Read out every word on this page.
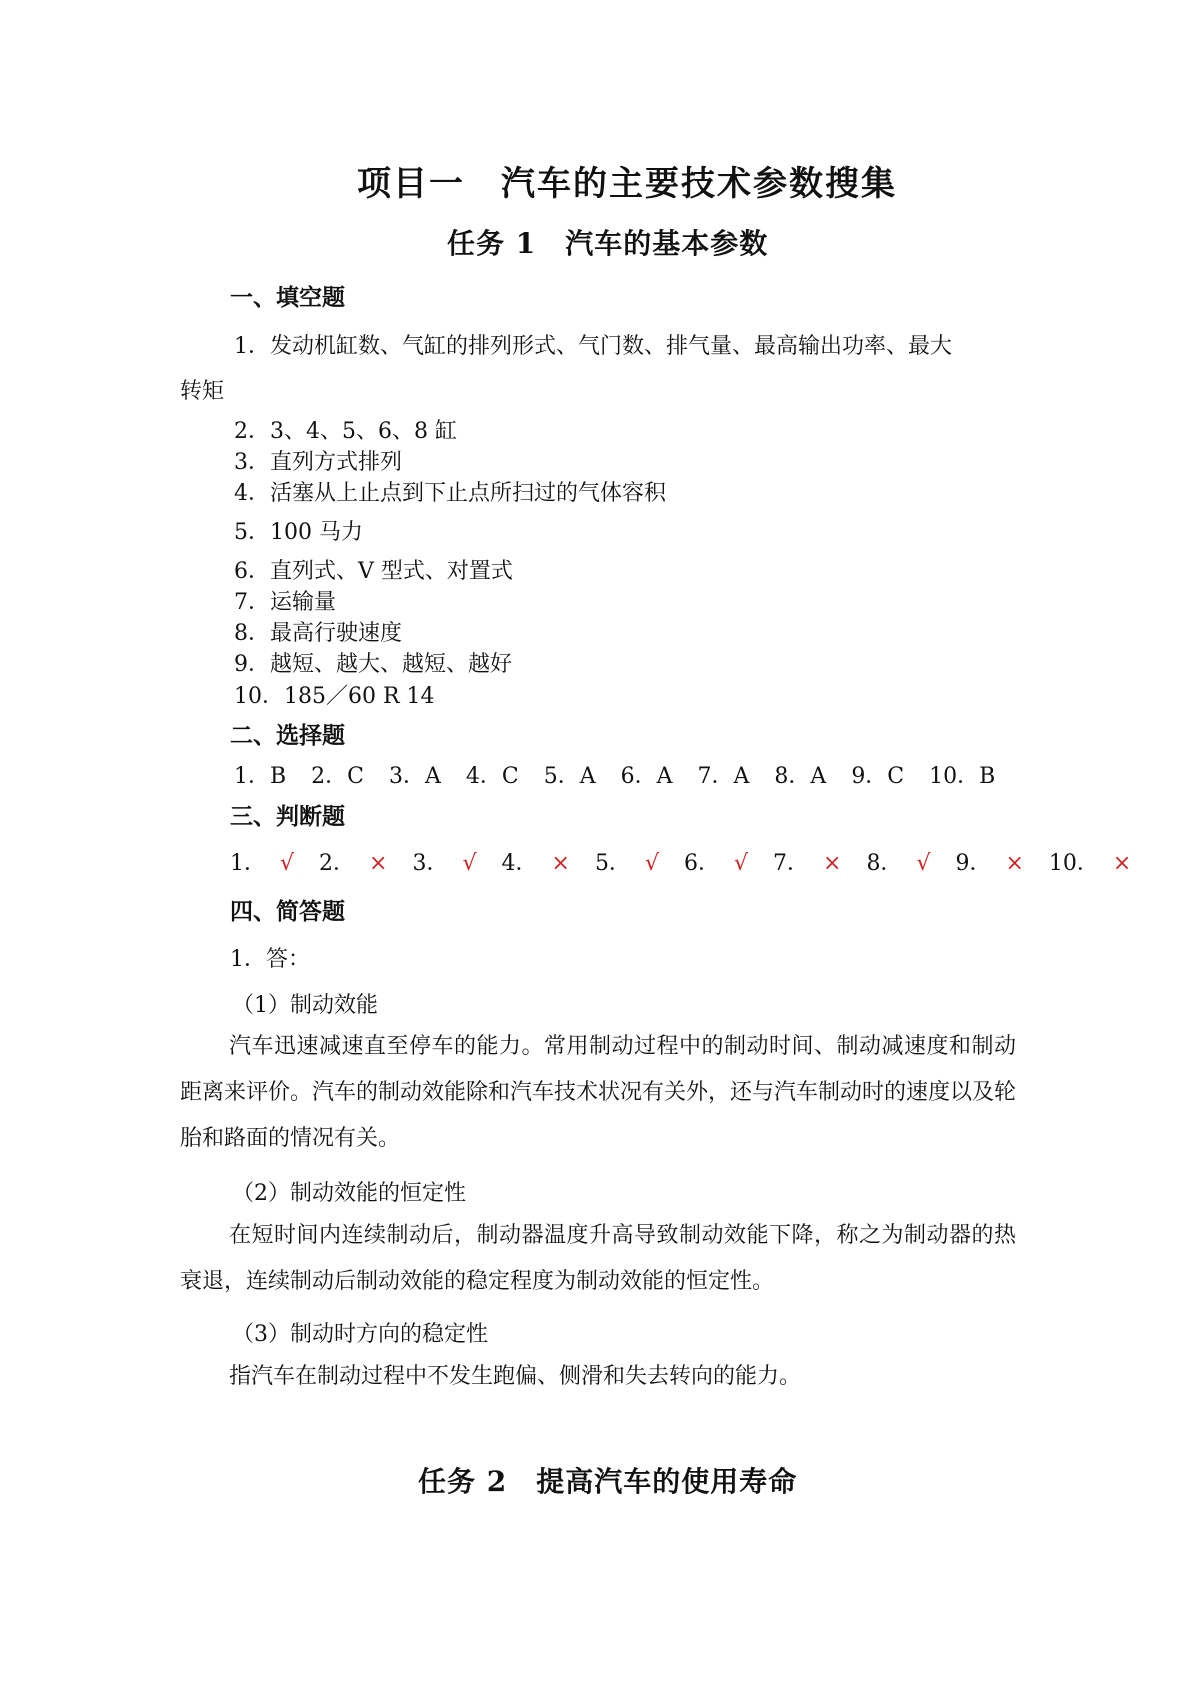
项目一　汽车的主要技术参数搜集
任务 1　汽车的基本参数
一、填空题
1．发动机缸数、气缸的排列形式、气门数、排气量、最高输出功率、最大
转矩
2．3、4、5、6、8 缸
3．直列方式排列
4．活塞从上止点到下止点所扫过的气体容积
5．100 马力
6．直列式、V 型式、对置式
7．运输量
8．最高行驶速度
9．越短、越大、越短、越好
10．185／60 R 14
二、选择题
1．B 2．C 3．A 4．C 5．A 6．A 7．A 8．A 9．C 10．B
三、判断题
1． √ 2． × 3． √ 4． × 5． √ 6． √ 7． × 8． √ 9． × 10． ×
四、简答题
1．答：
（1）制动效能
汽车迅速减速直至停车的能力。常用制动过程中的制动时间、制动减速度和制动距离来评价。汽车的制动效能除和汽车技术状况有关外，还与汽车制动时的速度以及轮胎和路面的情况有关。
（2）制动效能的恒定性
在短时间内连续制动后，制动器温度升高导致制动效能下降，称之为制动器的热衰退，连续制动后制动效能的稳定程度为制动效能的恒定性。
（3）制动时方向的稳定性
指汽车在制动过程中不发生跑偏、侧滑和失去转向的能力。
任务 2　提高汽车的使用寿命
